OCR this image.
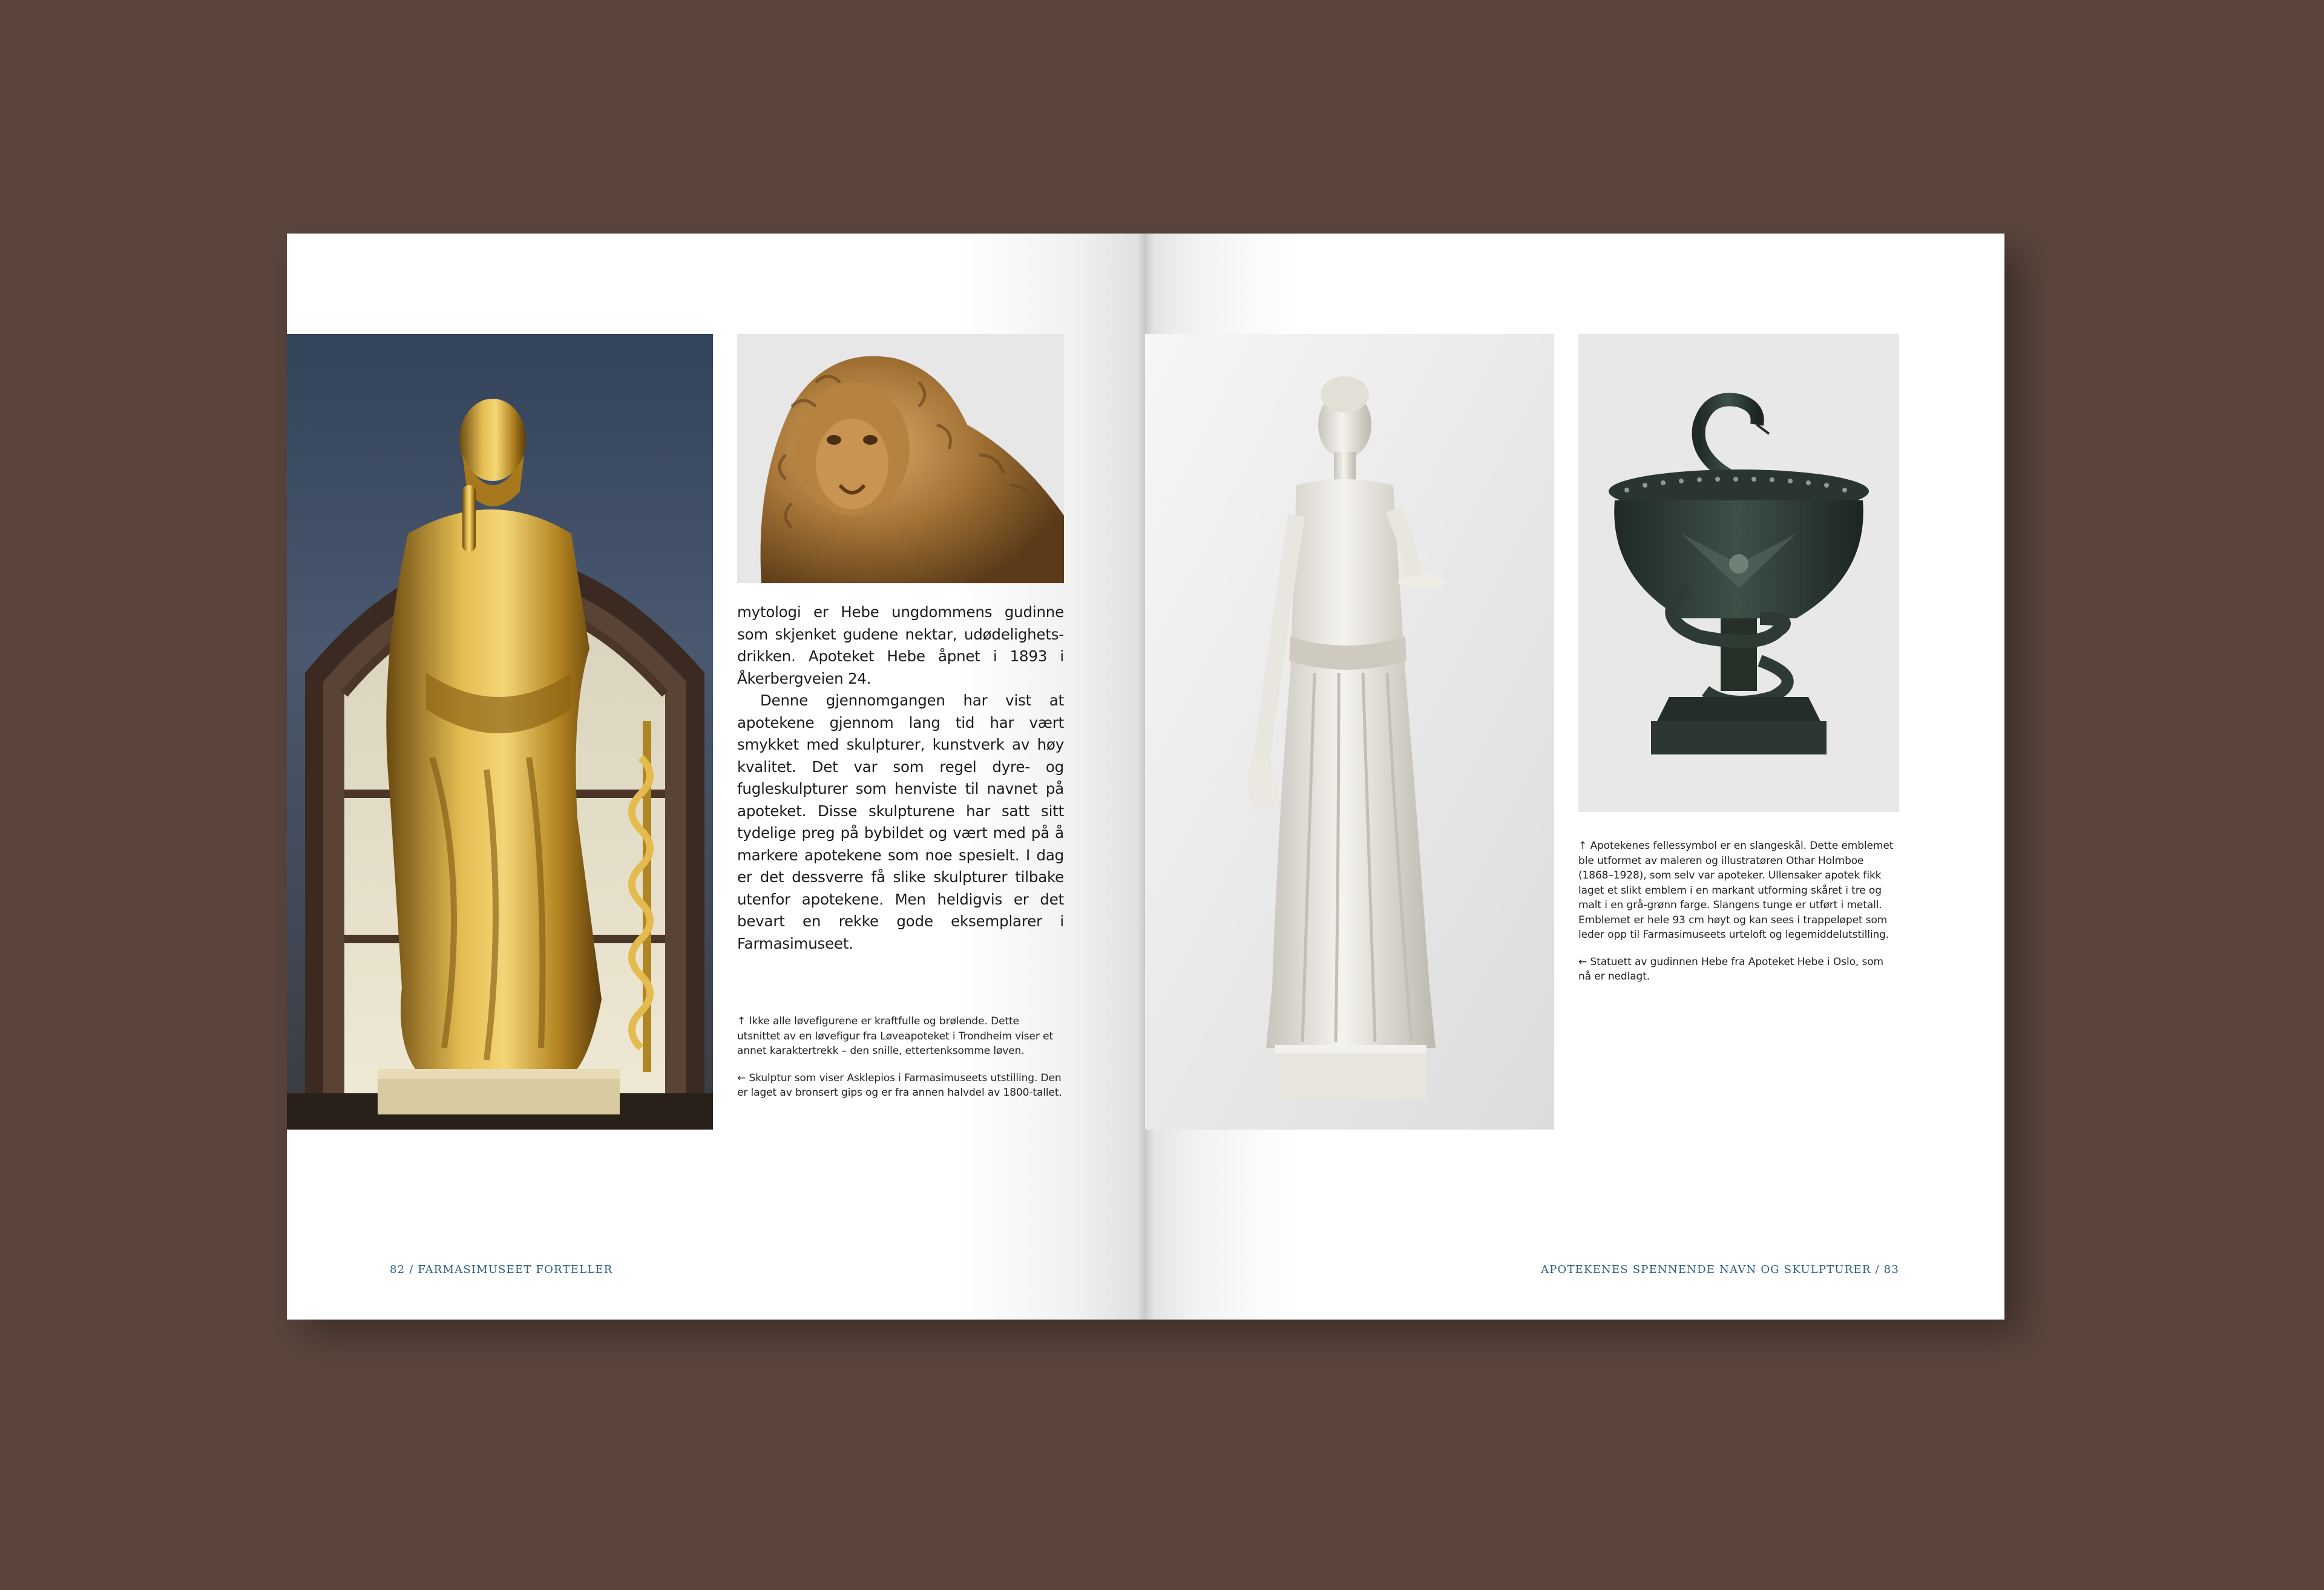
mytologi er Hebe ungdommens gudinne som skjenket gudene nektar, udødelighets-drikken. Apoteket Hebe åpnet i 1893 i Åkerbergveien 24.

Denne gjennomgangen har vist at apotekene gjennom lang tid har vært smykket med skulpturer, kunstverk av høy kvalitet. Det var som regel dyre- og fugleskulpturer som henviste til navnet på apoteket. Disse skulpturene har satt sitt tydelige preg på bybildet og vært med på å markere apotekene som noe spesielt. I dag er det dessverre få slike skulpturer tilbake utenfor apotekene. Men heldigvis er det bevart en rekke gode eksemplarer i Farmasimuseet.

↑ Ikke alle løvefigurene er kraftfulle og brølende. Dette utsnittet av en løvefigur fra Løveapoteket i Trondheim viser et annet karaktertrekk – den snille, ettertenksomme løven.

← Skulptur som viser Asklepios i Farmasimuseets utstilling. Den er laget av bronsert gips og er fra annen halvdel av 1800-tallet.

↑ Apotekenes fellessymbol er en slangeskål. Dette emblemet ble utformet av maleren og illustratøren Othar Holmboe (1868–1928), som selv var apoteker. Ullensaker apotek fikk laget et slikt emblem i en markant utforming skåret i tre og malt i en grå-grønn farge. Slangens tunge er utført i metall. Emblemet er hele 93 cm høyt og kan sees i trappeløpet som leder opp til Farmasimuseets urteloft og legemiddelutstilling.

← Statuett av gudinnen Hebe fra Apoteket Hebe i Oslo, som nå er nedlagt.

82 / FARMASIMUSEET FORTELLER	APOTEKENES SPENNENDE NAVN OG SKULPTURER / 83
